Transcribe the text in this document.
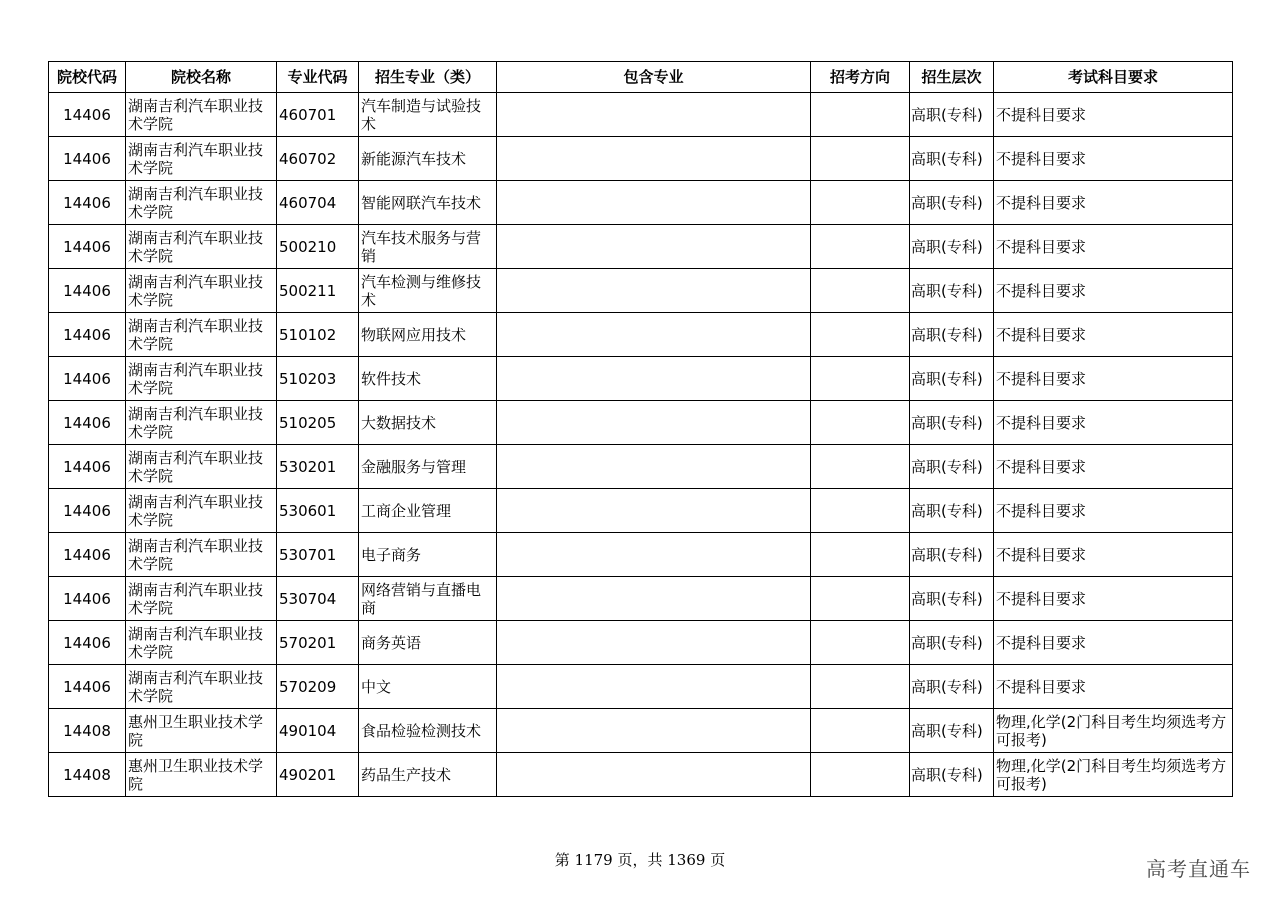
院校代码	院校名称	专业代码	招生专业（类）	包含专业	招考方向	招生层次	考试科目要求
14406	湖南吉利汽车职业技术学院	460701	汽车制造与试验技术			高职(专科)	不提科目要求
14406	湖南吉利汽车职业技术学院	460702	新能源汽车技术			高职(专科)	不提科目要求
14406	湖南吉利汽车职业技术学院	460704	智能网联汽车技术			高职(专科)	不提科目要求
14406	湖南吉利汽车职业技术学院	500210	汽车技术服务与营销			高职(专科)	不提科目要求
14406	湖南吉利汽车职业技术学院	500211	汽车检测与维修技术			高职(专科)	不提科目要求
14406	湖南吉利汽车职业技术学院	510102	物联网应用技术			高职(专科)	不提科目要求
14406	湖南吉利汽车职业技术学院	510203	软件技术			高职(专科)	不提科目要求
14406	湖南吉利汽车职业技术学院	510205	大数据技术			高职(专科)	不提科目要求
14406	湖南吉利汽车职业技术学院	530201	金融服务与管理			高职(专科)	不提科目要求
14406	湖南吉利汽车职业技术学院	530601	工商企业管理			高职(专科)	不提科目要求
14406	湖南吉利汽车职业技术学院	530701	电子商务			高职(专科)	不提科目要求
14406	湖南吉利汽车职业技术学院	530704	网络营销与直播电商			高职(专科)	不提科目要求
14406	湖南吉利汽车职业技术学院	570201	商务英语			高职(专科)	不提科目要求
14406	湖南吉利汽车职业技术学院	570209	中文			高职(专科)	不提科目要求
14408	惠州卫生职业技术学院	490104	食品检验检测技术			高职(专科)	物理,化学(2门科目考生均须选考方可报考)
14408	惠州卫生职业技术学院	490201	药品生产技术			高职(专科)	物理,化学(2门科目考生均须选考方可报考)
第 1179 页，共 1369 页	高考直通车
